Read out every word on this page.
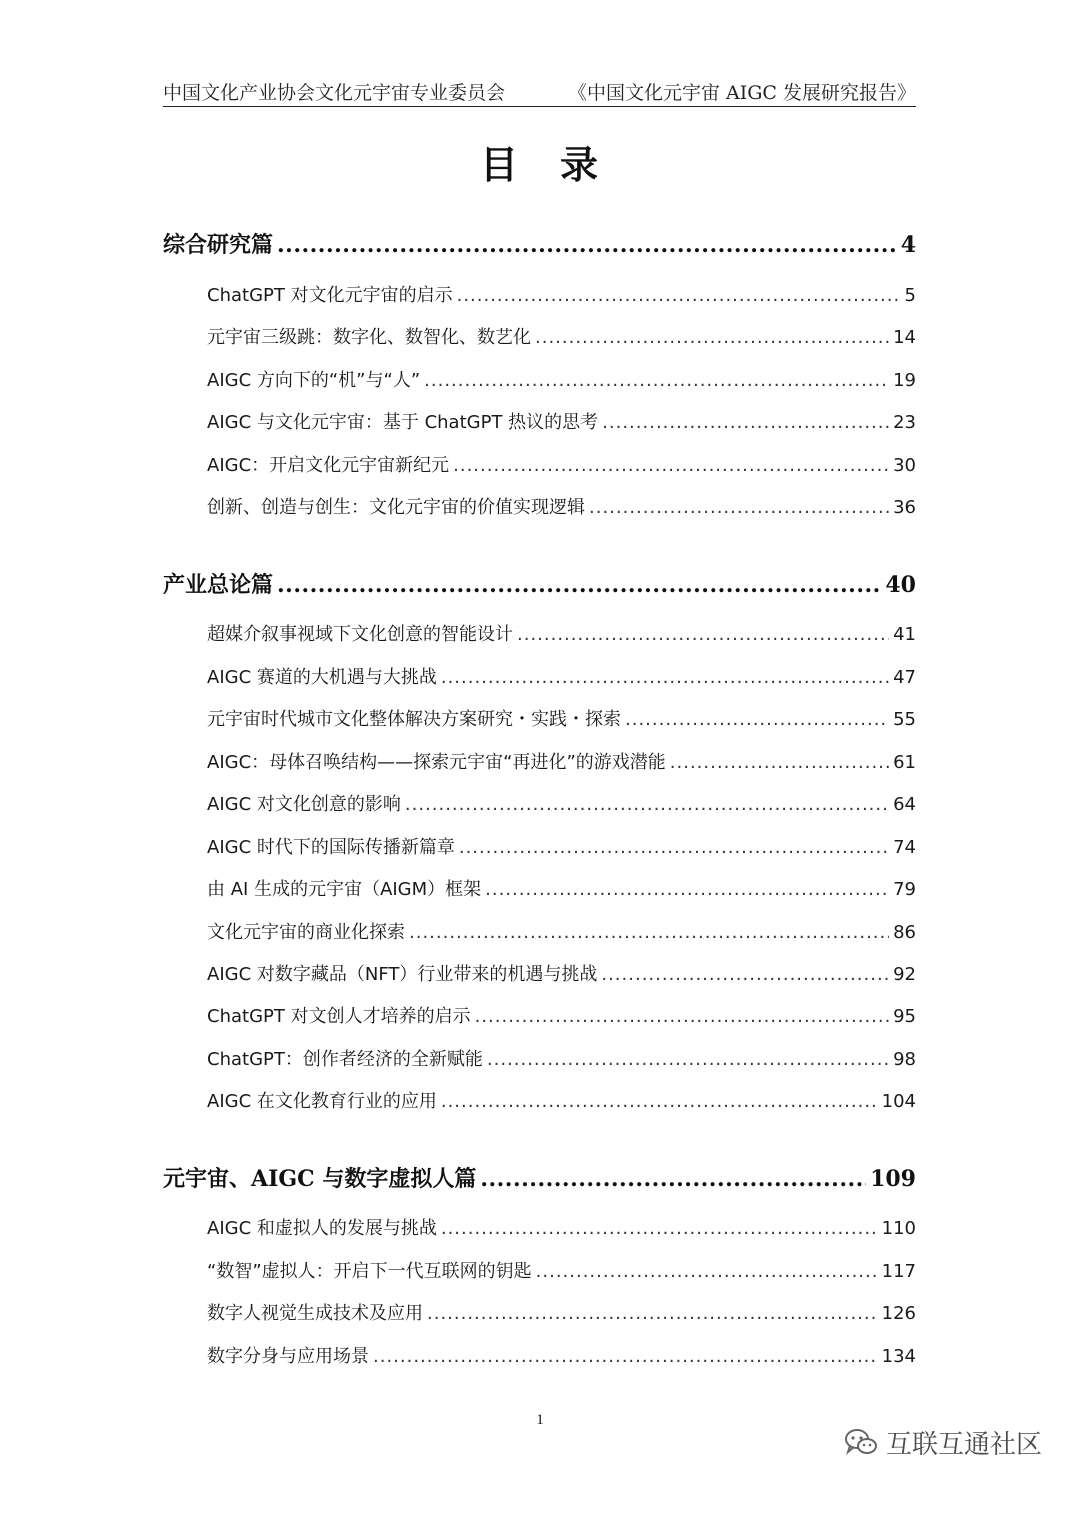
中国文化产业协会文化元宇宙专业委员会	《中国文化元宇宙 AIGC 发展研究报告》
目　录
综合研究篇 .....	4
ChatGPT 对文化元宇宙的启示 .....	5
元宇宙三级跳：数字化、数智化、数艺化 .....	14
AIGC 方向下的“机”与“人” .....	19
AIGC 与文化元宇宙：基于 ChatGPT 热议的思考 .....	23
AIGC：开启文化元宇宙新纪元 .....	30
创新、创造与创生：文化元宇宙的价值实现逻辑 .....	36
产业总论篇 .....	40
超媒介叙事视域下文化创意的智能设计 .....	41
AIGC 赛道的大机遇与大挑战 .....	47
元宇宙时代城市文化整体解决方案研究・实践・探索 .....	55
AIGC：母体召唤结构——探索元宇宙“再进化”的游戏潜能 .....	61
AIGC 对文化创意的影响 .....	64
AIGC 时代下的国际传播新篇章 .....	74
由 AI 生成的元宇宙（AIGM）框架 .....	79
文化元宇宙的商业化探索 .....	86
AIGC 对数字藏品（NFT）行业带来的机遇与挑战 .....	92
ChatGPT 对文创人才培养的启示 .....	95
ChatGPT：创作者经济的全新赋能 .....	98
AIGC 在文化教育行业的应用 .....	104
元宇宙、AIGC 与数字虚拟人篇 .....	109
AIGC 和虚拟人的发展与挑战 .....	110
“数智”虚拟人：开启下一代互联网的钥匙 .....	117
数字人视觉生成技术及应用 .....	126
数字分身与应用场景 .....	134
1
互联互通社区
